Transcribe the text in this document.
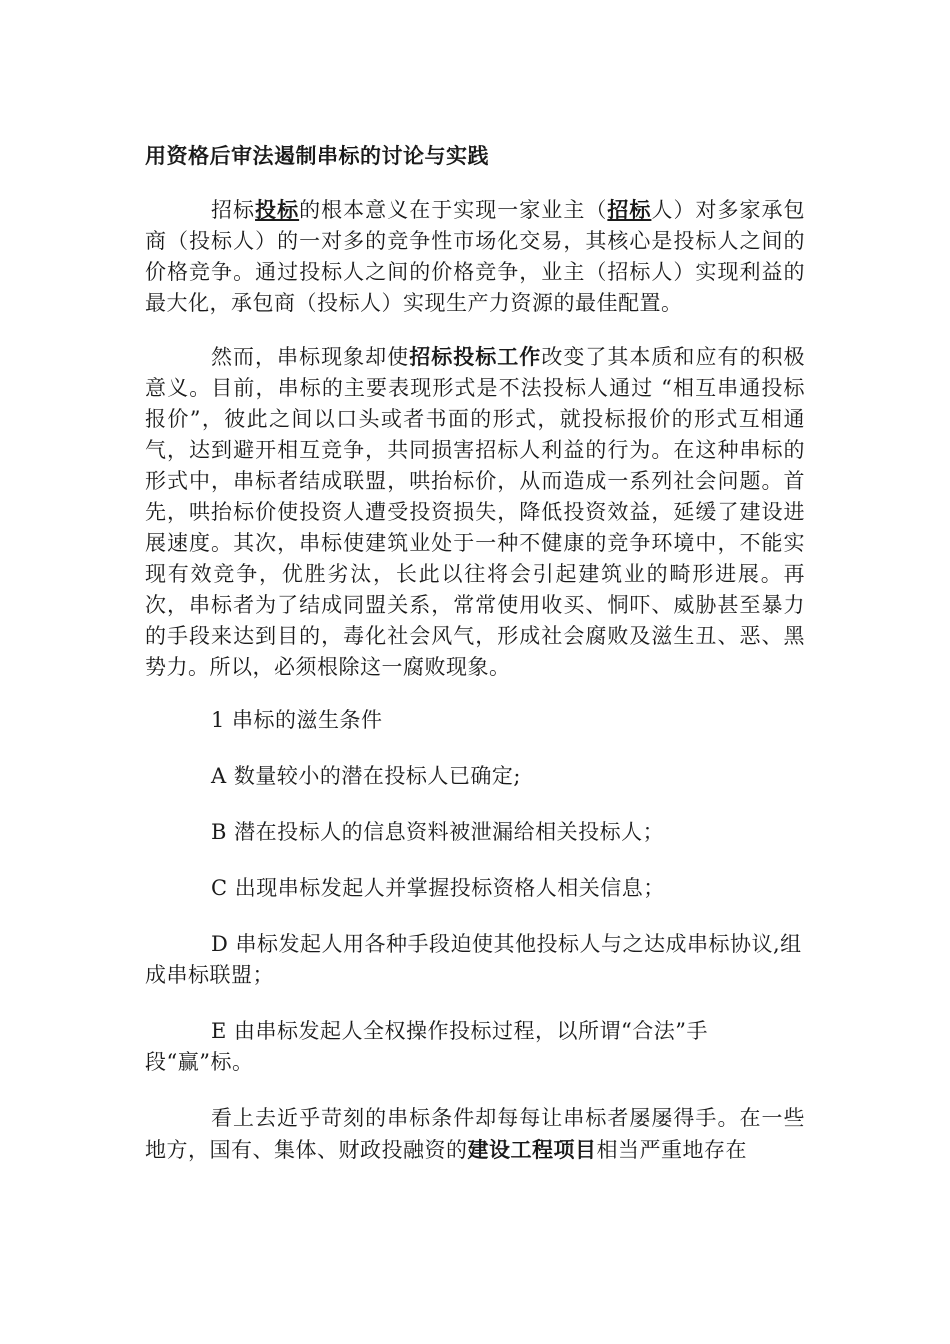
用资格后审法遏制串标的讨论与实践

招标投标的根本意义在于实现一家业主（招标人）对多家承包商（投标人）的一对多的竞争性市场化交易，其核心是投标人之间的价格竞争。通过投标人之间的价格竞争，业主（招标人）实现利益的最大化，承包商（投标人）实现生产力资源的最佳配置。

然而，串标现象却使招标投标工作改变了其本质和应有的积极意义。目前，串标的主要表现形式是不法投标人通过 “相互串通投标报价”，彼此之间以口头或者书面的形式，就投标报价的形式互相通气，达到避开相互竞争，共同损害招标人利益的行为。在这种串标的形式中，串标者结成联盟，哄抬标价，从而造成一系列社会问题。首先，哄抬标价使投资人遭受投资损失，降低投资效益，延缓了建设进展速度。其次，串标使建筑业处于一种不健康的竞争环境中，不能实现有效竞争，优胜劣汰，长此以往将会引起建筑业的畸形进展。再次，串标者为了结成同盟关系，常常使用收买、恫吓、威胁甚至暴力的手段来达到目的，毒化社会风气，形成社会腐败及滋生丑、恶、黑势力。所以，必须根除这一腐败现象。

1 串标的滋生条件

A 数量较小的潜在投标人已确定;

B 潜在投标人的信息资料被泄漏给相关投标人；

C 出现串标发起人并掌握投标资格人相关信息；

D 串标发起人用各种手段迫使其他投标人与之达成串标协议,组成串标联盟；

E 由串标发起人全权操作投标过程，以所谓“合法”手段“赢”标。

看上去近乎苛刻的串标条件却每每让串标者屡屡得手。在一些地方，国有、集体、财政投融资的建设工程项目相当严重地存在
